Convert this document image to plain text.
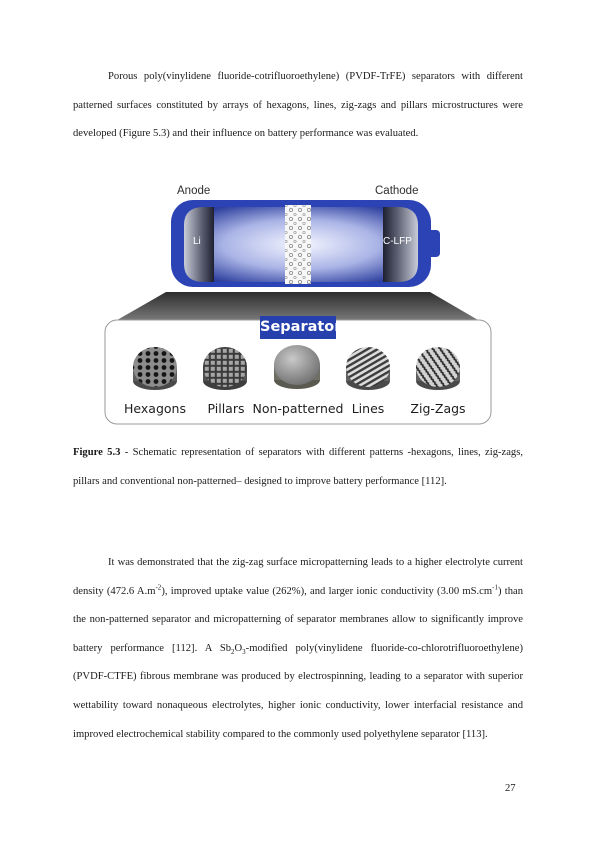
Porous poly(vinylidene fluoride-cotrifluoroethylene) (PVDF-TrFE) separators with different patterned surfaces constituted by arrays of hexagons, lines, zig-zags and pillars microstructures were developed (Figure 5.3) and their influence on battery performance was evaluated.

Anode	Cathode
Li	C-LFP
Separator
Hexagons Pillars Non-patterned Lines Zig-Zags

Figure 5.3 - Schematic representation of separators with different patterns -hexagons, lines, zig-zags, pillars and conventional non-patterned– designed to improve battery performance [112].

It was demonstrated that the zig-zag surface micropatterning leads to a higher electrolyte current density (472.6 $A.m^{-2}$), improved uptake value (262%), and larger ionic conductivity (3.00 $mS.cm^{-1}$) than the non-patterned separator and micropatterning of separator membranes allow to significantly improve battery performance [112]. A $Sb_2O_3$-modified poly(vinylidene fluoride-co-chlorotrifluoroethylene) (PVDF-CTFE) fibrous membrane was produced by electrospinning, leading to a separator with superior wettability toward nonaqueous electrolytes, higher ionic conductivity, lower interfacial resistance and improved electrochemical stability compared to the commonly used polyethylene separator [113].

27
